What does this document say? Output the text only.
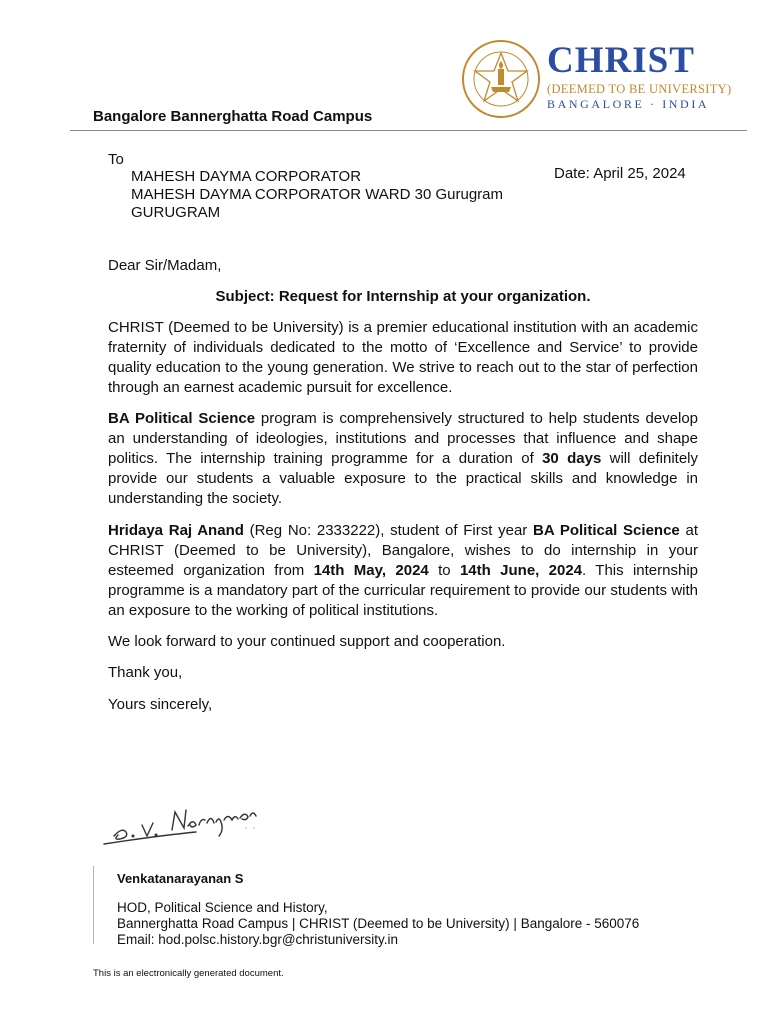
CHRIST
(DEEMED TO BE UNIVERSITY)
BANGALORE · INDIA
Bangalore Bannerghatta Road Campus
To
MAHESH DAYMA CORPORATOR
MAHESH DAYMA CORPORATOR WARD 30 Gurugram
GURUGRAM
Date: April 25, 2024
Dear Sir/Madam,
Subject: Request for Internship at your organization.
CHRIST (Deemed to be University) is a premier educational institution with an academic fraternity of individuals dedicated to the motto of ‘Excellence and Service’ to provide quality education to the young generation. We strive to reach out to the star of perfection through an earnest academic pursuit for excellence.
BA Political Science program is comprehensively structured to help students develop an understanding of ideologies, institutions and processes that influence and shape politics. The internship training programme for a duration of 30 days will definitely provide our students a valuable exposure to the practical skills and knowledge in understanding the society.
Hridaya Raj Anand (Reg No: 2333222), student of First year BA Political Science at CHRIST (Deemed to be University), Bangalore, wishes to do internship in your esteemed organization from 14th May, 2024 to 14th June, 2024. This internship programme is a mandatory part of the curricular requirement to provide our students with an exposure to the working of political institutions.
We look forward to your continued support and cooperation.
Thank you,
Yours sincerely,
Venkatanarayanan S
HOD, Political Science and History,
Bannerghatta Road Campus | CHRIST (Deemed to be University) | Bangalore - 560076
Email: hod.polsc.history.bgr@christuniversity.in
This is an electronically generated document.
